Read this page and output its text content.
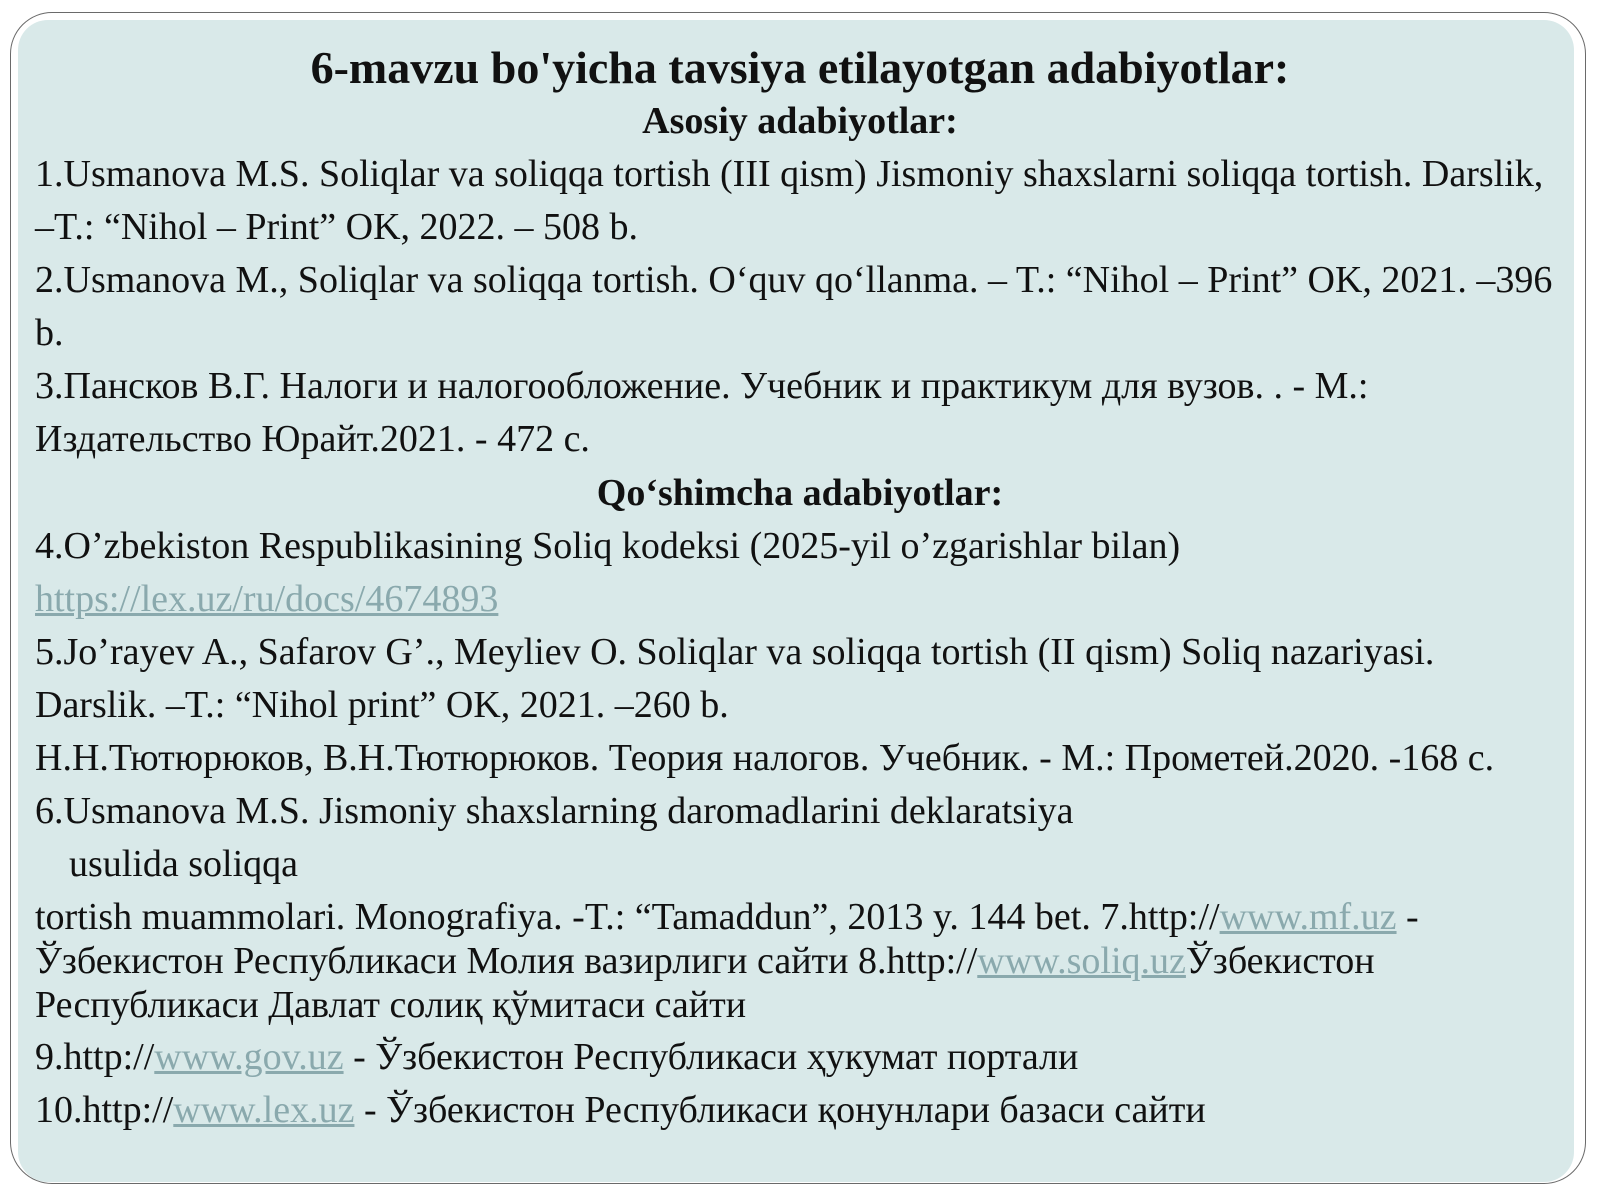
6-mavzu bo'yicha tavsiya etilayotgan adabiyotlar:

Asosiy adabiyotlar:

1.Usmanova M.S. Soliqlar va soliqqa tortish (III qism) Jismoniy shaxslarni soliqqa tortish. Darslik, –T.: “Nihol – Print” OK, 2022. – 508 b.

2.Usmanova M., Soliqlar va soliqqa tortish. O‘quv qo‘llanma. – T.: “Nihol – Print” OK, 2021. –396 b.

3.Пансков В.Г. Налоги и налогообложение. Учебник и практикум для вузов. . - М.: Издательство Юрайт.2021. - 472 с.

Qo‘shimcha adabiyotlar:

4.O’zbekiston Respublikasining Soliq kodeksi (2025-yil o’zgarishlar bilan)
https://lex.uz/ru/docs/4674893

5.Jo’rayev A., Safarov G’., Meyliev O. Soliqlar va soliqqa tortish (II qism) Soliq nazariyasi. Darslik. –T.: “Nihol print” OK, 2021. –260 b.

Н.Н.Тютюрюков, В.Н.Тютюрюков. Теория налогов. Учебник. - М.: Прометей.2020. -168 с.

6.Usmanova M.S. Jismoniy shaxslarning daromadlarini deklaratsiya
usulida soliqqa

tortish muammolari. Monografiya. -T.: “Tamaddun”, 2013 y. 144 bet. 7.http://www.mf.uz - Ўзбекистон Республикаси Молия вазирлиги сайти 8.http://www.soliq.uzЎзбекистон Республикаси Давлат солиқ қўмитаси сайти

9.http://www.gov.uz - Ўзбекистон Республикаси ҳукумат портали

10.http://www.lex.uz - Ўзбекистон Республикаси қонунлари базаси сайти
